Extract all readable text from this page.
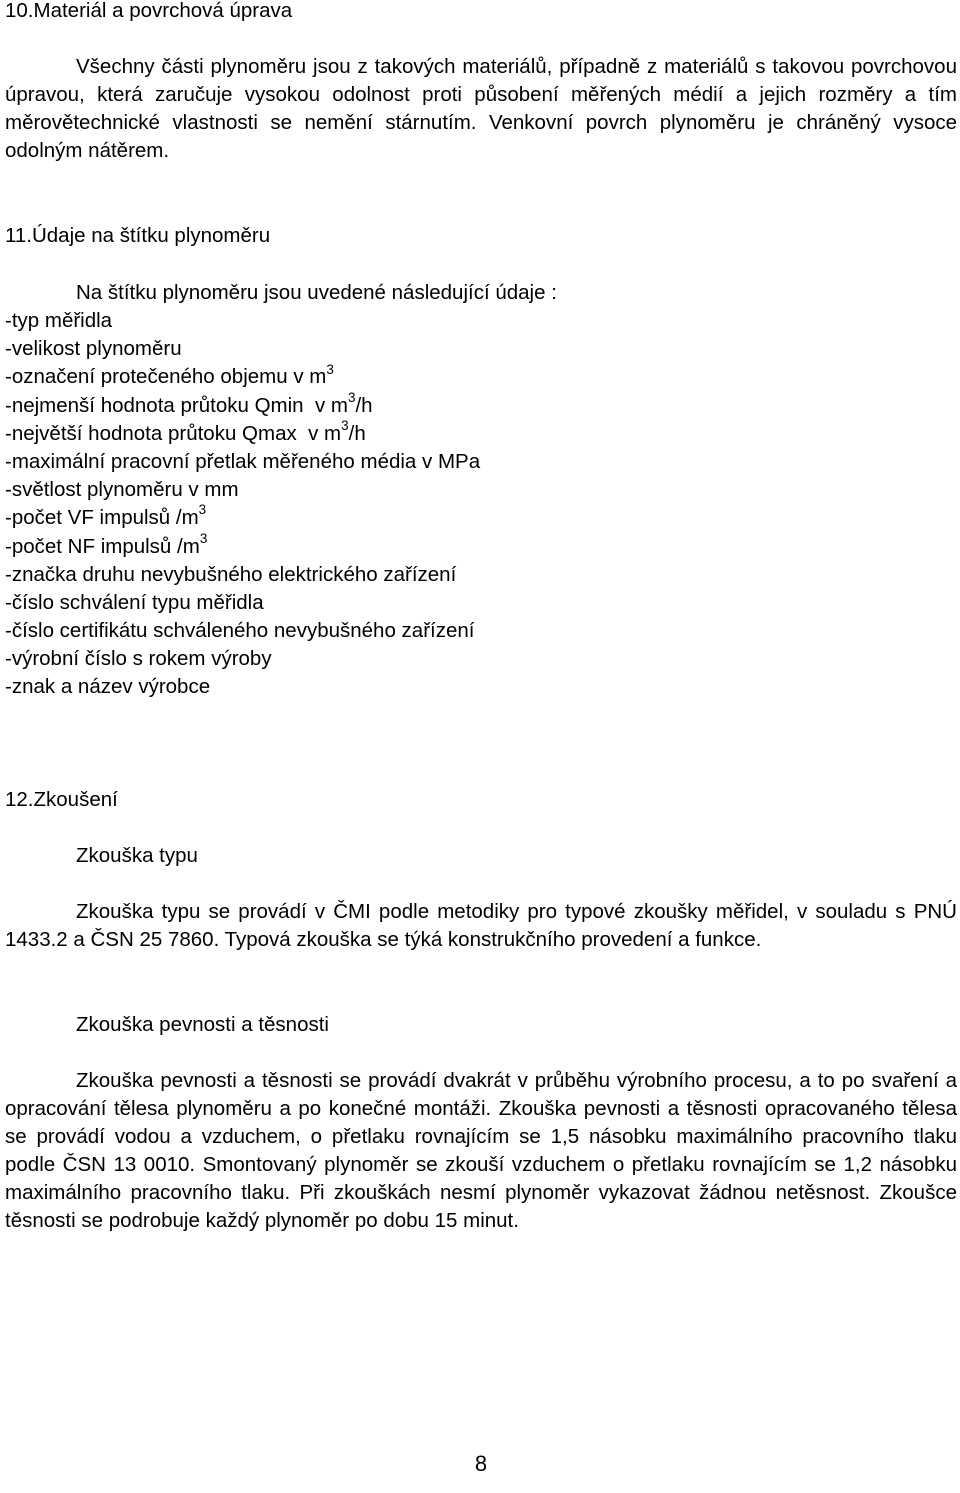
10.Materiál a povrchová úprava

Všechny části plynoměru jsou z takových materiálů, případně z materiálů s takovou povrchovou úpravou, která zaručuje vysokou odolnost proti působení měřených médií a jejich rozměry a tím měrovětechnické vlastnosti se nemění stárnutím. Venkovní povrch plynoměru je chráněný vysoce odolným nátěrem.

11.Údaje na štítku plynoměru

Na štítku plynoměru jsou uvedené následující údaje :

-typ měřidla
-velikost plynoměru
-označení protečeného objemu v $m^3$
-nejmenší hodnota průtoku Qmin  v $m^3/h$
-největší hodnota průtoku Qmax  v $m^3/h$
-maximální pracovní přetlak měřeného média v MPa
-světlost plynoměru v mm
-počet VF impulsů $/m^3$
-počet NF impulsů $/m^3$
-značka druhu nevybušného elektrického zařízení
-číslo schválení typu měřidla
-číslo certifikátu schváleného nevybušného zařízení
-výrobní číslo s rokem výroby
-znak a název výrobce
12.Zkoušení

Zkouška typu

Zkouška typu se provádí v ČMI podle metodiky pro typové zkoušky měřidel, v souladu s PNÚ 1433.2 a ČSN 25 7860. Typová zkouška se týká konstrukčního provedení a funkce.

Zkouška pevnosti a těsnosti

Zkouška pevnosti a těsnosti se provádí dvakrát v průběhu výrobního procesu, a to po svaření a opracování tělesa plynoměru a po konečné montáži. Zkouška pevnosti a těsnosti opracovaného tělesa se provádí vodou a vzduchem, o přetlaku rovnajícím se 1,5 násobku maximálního pracovního tlaku podle ČSN 13 0010. Smontovaný plynoměr se zkouší vzduchem o přetlaku rovnajícím se 1,2 násobku maximálního pracovního tlaku. Při zkouškách nesmí plynoměr vykazovat žádnou netěsnost. Zkoušce těsnosti se podrobuje každý plynoměr po dobu 15 minut.

8
